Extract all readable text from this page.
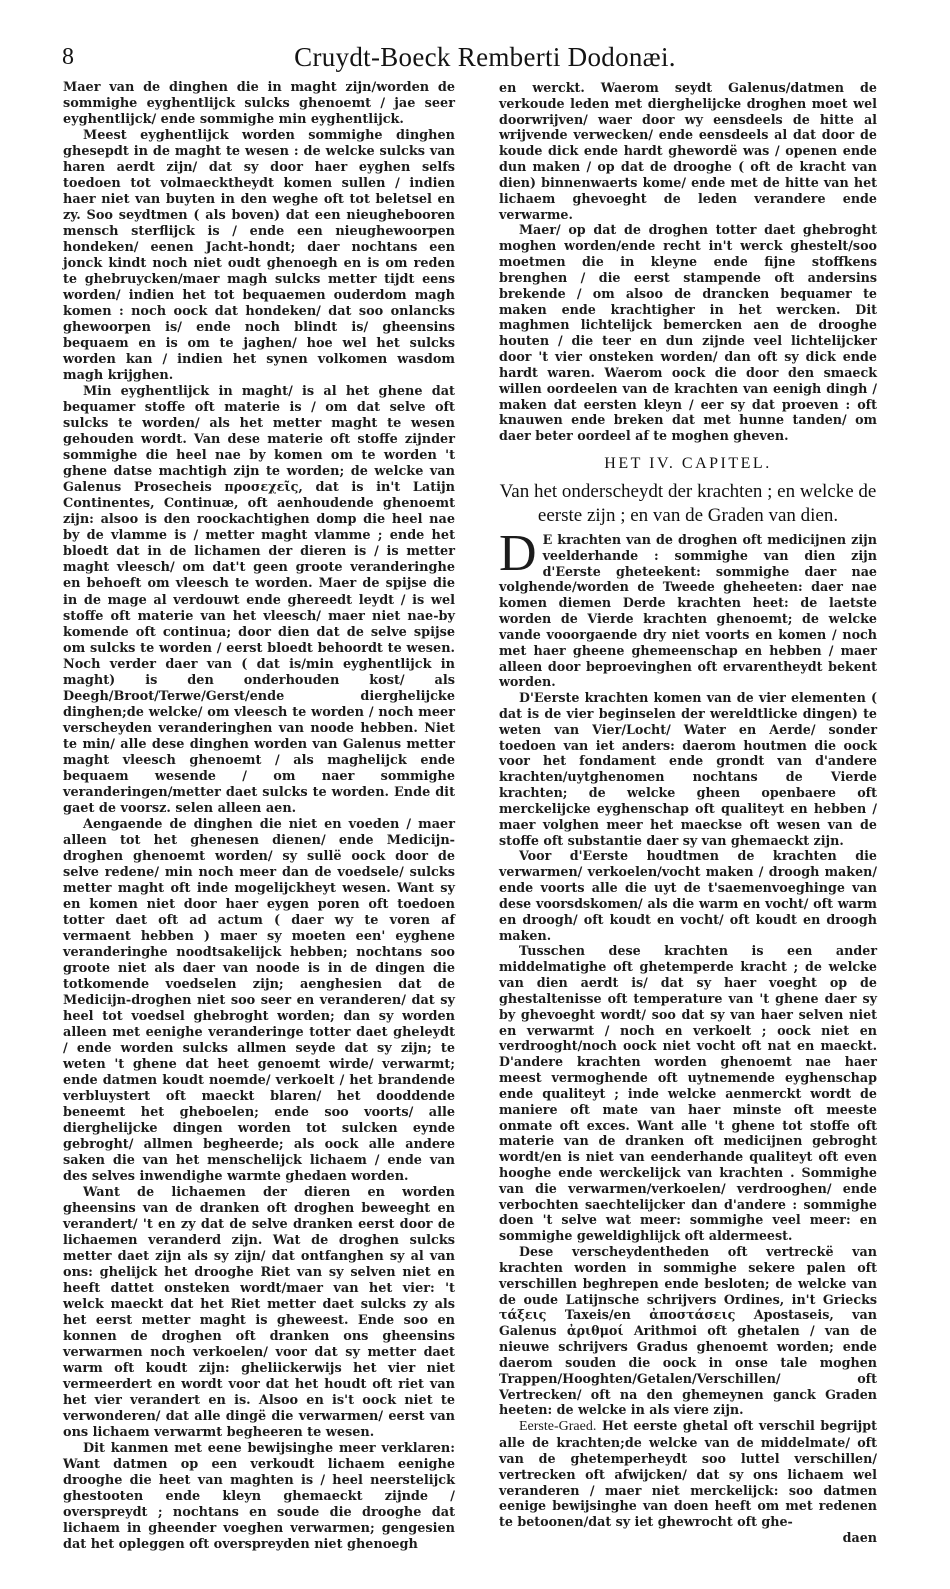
8	Cruydt-Boeck Remberti Dodonæi.

Maer van de dinghen die in maght zijn/worden de sommighe eyghentlijck sulcks ghenoemt / jae seer eyghentlijck/ ende sommighe min eyghentlijck.

Meest eyghentlijck worden sommighe dinghen ghesepdt in de maght te wesen : de welcke sulcks van haren aerdt zijn/ dat sy door haer eyghen selfs toedoen tot volmaecktheydt komen sullen / indien haer niet van buyten in den weghe oft tot beletsel en zy. Soo seydtmen ( als boven) dat een nieughebooren mensch sterflijck is / ende een nieughewoorpen hondeken/ eenen Jacht-hondt; daer nochtans een jonck kindt noch niet oudt ghenoegh en is om reden te ghebruycken/maer magh sulcks metter tijdt eens worden/ indien het tot bequaemen ouderdom magh komen : noch oock dat hondeken/ dat soo onlancks ghewoorpen is/ ende noch blindt is/ gheensins bequaem en is om te jaghen/ hoe wel het sulcks worden kan / indien het synen volkomen wasdom magh krijghen.

Min eyghentlijck in maght/ is al het ghene dat bequamer stoffe oft materie is / om dat selve oft sulcks te worden/ als het metter maght te wesen gehouden wordt. Van dese materie oft stoffe zijnder sommighe die heel nae by komen om te worden 't ghene datse machtigh zijn te worden; de welcke van Galenus Prosecheis προσεχεῖς, dat is in't Latijn Continentes, Continuæ, oft aenhoudende ghenoemt zijn: alsoo is den roockachtighen domp die heel nae by de vlamme is / metter maght vlamme ; ende het bloedt dat in de lichamen der dieren is / is metter maght vleesch/ om dat't geen groote veranderinghe en behoeft om vleesch te worden. Maer de spijse die in de mage al verdouwt ende ghereedt leydt / is wel stoffe oft materie van het vleesch/ maer niet nae-by komende oft continua; door dien dat de selve spijse om sulcks te worden / eerst bloedt behoordt te wesen. Noch verder daer van ( dat is/min eyghentlijck in maght) is den onderhouden kost/ als Deegh/Broot/Terwe/Gerst/ende dierghelijcke dinghen;de welcke/ om vleesch te worden / noch meer verscheyden veranderinghen van noode hebben. Niet te min/ alle dese dinghen worden van Galenus metter maght vleesch ghenoemt / als maghelijck ende bequaem wesende / om naer sommighe veranderingen/metter daet sulcks te worden. Ende dit gaet de voorsz. selen alleen aen.

Aengaende de dinghen die niet en voeden / maer alleen tot het ghenesen dienen/ ende Medicijn-droghen ghenoemt worden/ sy sullë oock door de selve redene/ min noch meer dan de voedsele/ sulcks metter maght oft inde mogelijckheyt wesen. Want sy en komen niet door haer eygen poren oft toedoen totter daet oft ad actum ( daer wy te voren af vermaent hebben ) maer sy moeten een' eyghene veranderinghe noodtsakelijck hebben; nochtans soo groote niet als daer van noode is in de dingen die totkomende voedselen zijn; aenghesien dat de Medicijn-droghen niet soo seer en veranderen/ dat sy heel tot voedsel ghebroght worden; dan sy worden alleen met eenighe veranderinge totter daet gheleydt / ende worden sulcks allmen seyde dat sy zijn; te weten 't ghene dat heet genoemt wirde/ verwarmt; ende datmen koudt noemde/ verkoelt / het brandende verbluystert oft maeckt blaren/ het dooddende beneemt het gheboelen; ende soo voorts/ alle dierghelijcke dingen worden tot sulcken eynde gebroght/ allmen begheerde; als oock alle andere saken die van het menschelijck lichaem / ende van des selves inwendighe warmte ghedaen worden.

Want de lichaemen der dieren en worden gheensins van de dranken oft droghen beweeght en verandert/ 't en zy dat de selve dranken eerst door de lichaemen veranderd zijn. Wat de droghen sulcks metter daet zijn als sy zijn/ dat ontfanghen sy al van ons: ghelijck het drooghe Riet van sy selven niet en heeft dattet onsteken wordt/maer van het vier: 't welck maeckt dat het Riet metter daet sulcks zy als het eerst metter maght is gheweest. Ende soo en konnen de droghen oft dranken ons gheensins verwarmen noch verkoelen/ voor dat sy metter daet warm oft koudt zijn: gheliickerwijs het vier niet vermeerdert en wordt voor dat het houdt oft riet van het vier verandert en is. Alsoo en is't oock niet te verwonderen/ dat alle dingë die verwarmen/ eerst van ons lichaem verwarmt begheeren te wesen.

Dit kanmen met eene bewijsinghe meer verklaren: Want datmen op een verkoudt lichaem eenighe drooghe die heet van maghten is / heel neerstelijck ghestooten ende kleyn ghemaeckt zijnde / overspreydt ; nochtans en soude die drooghe dat lichaem in gheender voeghen verwarmen; gengesien dat het opleggen oft overspreyden niet ghenoegh

en werckt. Waerom seydt Galenus/datmen de verkoude leden met dierghelijcke droghen moet wel doorwrijven/ waer door wy eensdeels de hitte al wrijvende verwecken/ ende eensdeels al dat door de koude dick ende hardt ghewordë was / openen ende dun maken / op dat de drooghe ( oft de kracht van dien) binnenwaerts kome/ ende met de hitte van het lichaem ghevoeght de leden verandere ende verwarme.

Maer/ op dat de droghen totter daet ghebroght moghen worden/ende recht in't werck ghestelt/soo moetmen die in kleyne ende fijne stoffkens brenghen / die eerst stampende oft andersins brekende / om alsoo de drancken bequamer te maken ende krachtigher in het wercken. Dit maghmen lichtelijck bemercken aen de drooghe houten / die teer en dun zijnde veel lichtelijcker door 't vier onsteken worden/ dan oft sy dick ende hardt waren. Waerom oock die door den smaeck willen oordeelen van de krachten van eenigh dingh / maken dat eersten kleyn / eer sy dat proeven : oft knauwen ende breken dat met hunne tanden/ om daer beter oordeel af te moghen gheven.

HET IV. CAPITEL.
Van het onderscheydt der krachten ; en welcke de eerste zijn ; en van de Graden van dien.

D E krachten van de droghen oft medicijnen zijn veelderhande : sommighe van dien zijn d'Eerste gheteekent: sommighe daer nae volghende/worden de Tweede gheheeten: daer nae komen diemen Derde krachten heet: de laetste worden de Vierde krachten ghenoemt; de welcke vande vooorgaende dry niet voorts en komen / noch met haer gheene ghemeenschap en hebben / maer alleen door beproevinghen oft ervarentheydt bekent worden.

D'Eerste krachten komen van de vier elementen ( dat is de vier beginselen der wereldtlicke dingen) te weten van Vier/Locht/ Water en Aerde/ sonder toedoen van iet anders: daerom houtmen die oock voor het fondament ende grondt van d'andere krachten/uytghenomen nochtans de Vierde krachten; de welcke gheen openbaere oft merckelijcke eyghenschap oft qualiteyt en hebben / maer volghen meer het maeckse oft wesen van de stoffe oft substantie daer sy van ghemaeckt zijn.

Voor d'Eerste houdtmen de krachten die verwarmen/ verkoelen/vocht maken / droogh maken/ ende voorts alle die uyt de t'saemenvoeghinge van dese voorsdskomen/ als die warm en vocht/ oft warm en droogh/ oft koudt en vocht/ oft koudt en droogh maken.

Tusschen dese krachten is een ander middelmatighe oft ghetemperde kracht ; de welcke van dien aerdt is/ dat sy haer voeght op de ghestaltenisse oft temperature van 't ghene daer sy by ghevoeght wordt/ soo dat sy van haer selven niet en verwarmt / noch en verkoelt ; oock niet en verdrooght/noch oock niet vocht oft nat en maeckt. D'andere krachten worden ghenoemt nae haer meest vermoghende oft uytnemende eyghenschap ende qualiteyt ; inde welcke aenmerckt wordt de maniere oft mate van haer minste oft meeste onmate oft exces. Want alle 't ghene tot stoffe oft materie van de dranken oft medicijnen gebroght wordt/en is niet van eenderhande qualiteyt oft even hooghe ende werckelijck van krachten . Sommighe van die verwarmen/verkoelen/ verdrooghen/ ende verbochten saechtelijcker dan d'andere : sommighe doen 't selve wat meer: sommighe veel meer: en sommighe geweldighlijck oft aldermeest.

Dese verscheydentheden oft vertreckë van krachten worden in sommighe sekere palen oft verschillen beghrepen ende besloten; de welcke van de oude Latijnsche schrijvers Ordines, in't Griecks τάξεις Taxeis/en ἀποστάσεις Apostaseis, van Galenus ἀριθμοί Arithmoi oft ghetalen / van de nieuwe schrijvers Gradus ghenoemt worden; ende daerom souden die oock in onse tale moghen Trappen/Hooghten/Getalen/Verschillen/ oft Vertrecken/ oft na den ghemeynen ganck Graden heeten: de welcke in als viere zijn.

Eerste-Graed. Het eerste ghetal oft verschil begrijpt alle de krachten;de welcke van de middelmate/ oft van de ghetemperheydt soo luttel verschillen/ vertrecken oft afwijcken/ dat sy ons lichaem wel veranderen / maer niet merckelijck: soo datmen eenige bewijsinghe van doen heeft om met redenen te betoonen/dat sy iet ghewrocht oft ghe-

daen
